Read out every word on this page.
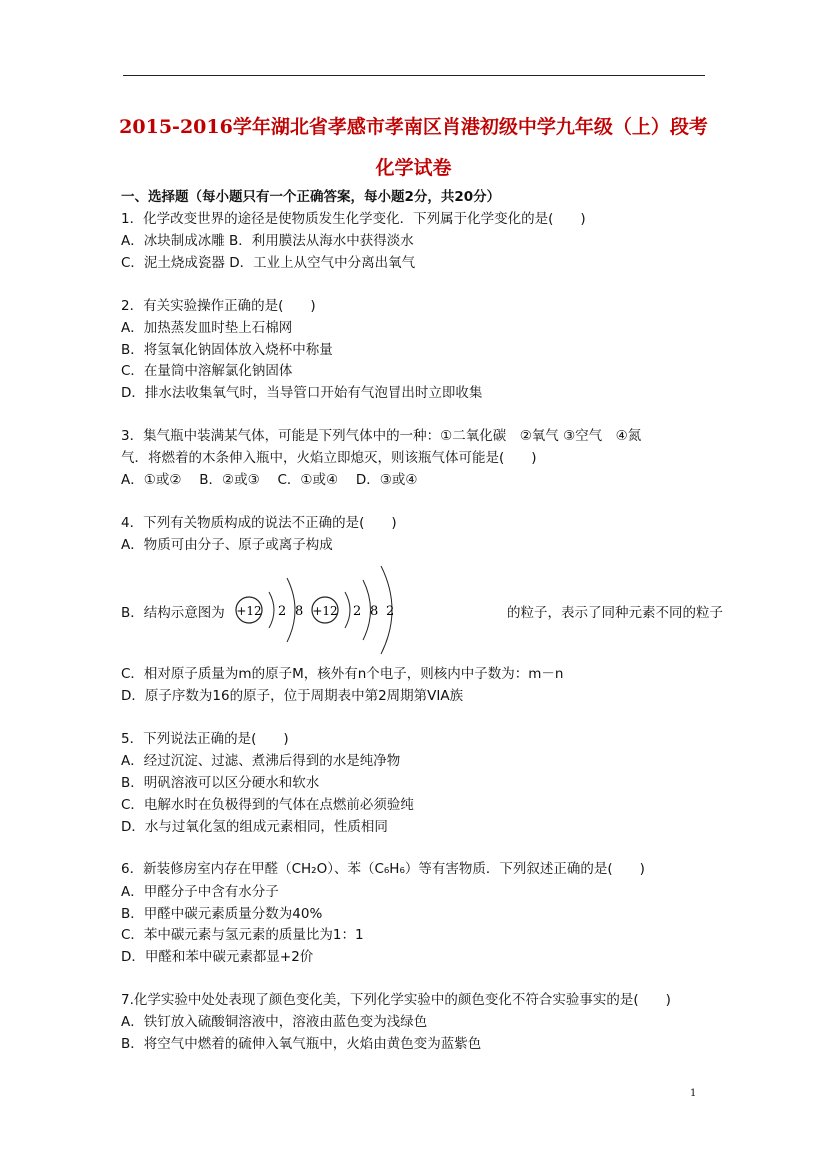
2015-2016学年湖北省孝感市孝南区肖港初级中学九年级（上）段考
化学试卷
一、选择题（每小题只有一个正确答案，每小题2分，共20分）
1．化学改变世界的途径是使物质发生化学变化．下列属于化学变化的是(　　)
A．冰块制成冰雕 B．利用膜法从海水中获得淡水
C．泥土烧成瓷器 D．工业上从空气中分离出氧气
2．有关实验操作正确的是(　　)
A．加热蒸发皿时垫上石棉网
B．将氢氧化钠固体放入烧杯中称量
C．在量筒中溶解氯化钠固体
D．排水法收集氧气时，当导管口开始有气泡冒出时立即收集
3．集气瓶中装满某气体，可能是下列气体中的一种：①二氧化碳　②氧气 ③空气　④氮
气．将燃着的木条伸入瓶中，火焰立即熄灭，则该瓶气体可能是(　　)
A．①或②　 B．②或③　 C．①或④　 D．③或④
4．下列有关物质构成的说法不正确的是(　　)
A．物质可由分子、原子或离子构成
B．结构示意图为 +12 2 8 +12 2 8 2	的粒子，表示了同种元素不同的粒子
C．相对原子质量为m的原子M，核外有n个电子，则核内中子数为：m－n
D．原子序数为16的原子，位于周期表中第2周期第VIA族
5．下列说法正确的是(　　)
A．经过沉淀、过滤、煮沸后得到的水是纯净物
B．明矾溶液可以区分硬水和软水
C．电解水时在负极得到的气体在点燃前必须验纯
D．水与过氧化氢的组成元素相同，性质相同
6．新装修房室内存在甲醛（CH₂O）、苯（C₆H₆）等有害物质．下列叙述正确的是(　　)
A．甲醛分子中含有水分子
B．甲醛中碳元素质量分数为40%
C．苯中碳元素与氢元素的质量比为1：1
D．甲醛和苯中碳元素都显+2价
7.化学实验中处处表现了颜色变化美，下列化学实验中的颜色变化不符合实验事实的是(　　)
A．铁钉放入硫酸铜溶液中，溶液由蓝色变为浅绿色
B．将空气中燃着的硫伸入氧气瓶中，火焰由黄色变为蓝紫色
1
